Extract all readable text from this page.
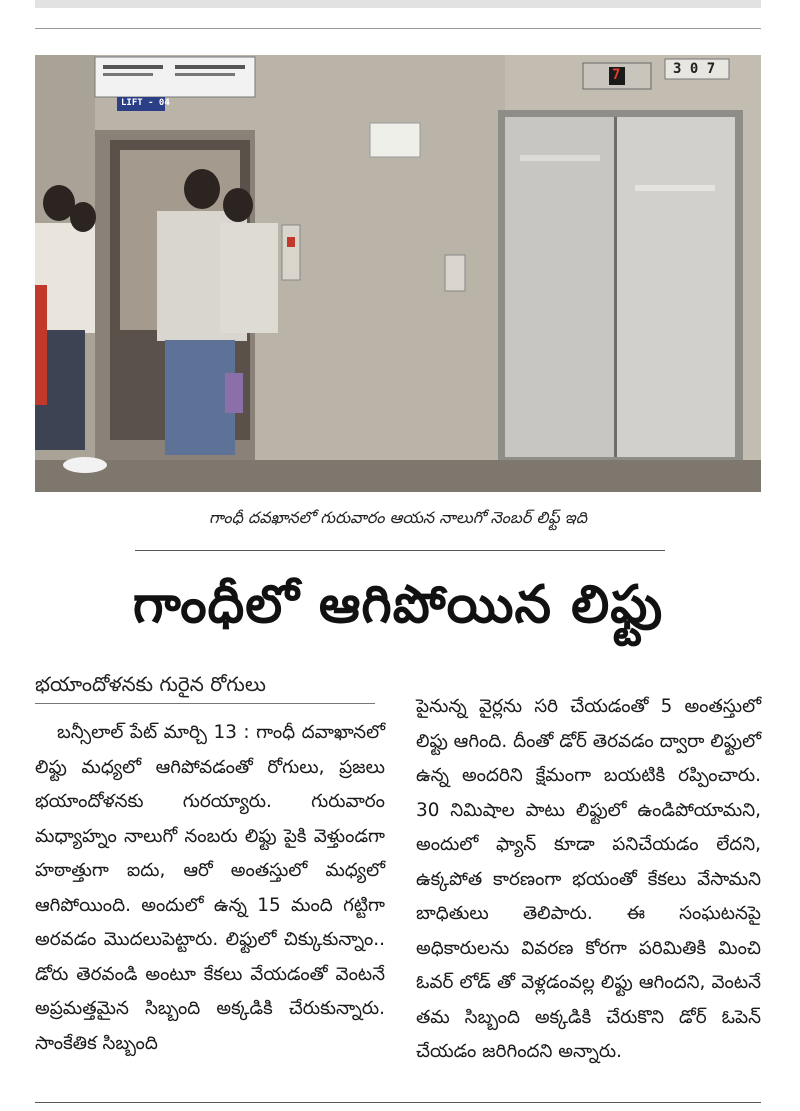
LIFT - 04
7	3 0 7
గాంధీ దవఖానలో గురువారం ఆయన నాలుగో నెంబర్‌ లిఫ్ట్‌ ఇది
గాంధీలో ఆగిపోయిన లిఫ్టు
భయాందోళనకు గురైన రోగులు

బన్సీలాల్‌ పేట్‌ మార్చి 13 : గాంధీ దవాఖానలో లిఫ్టు మధ్యలో ఆగిపోవడంతో రోగులు, ప్రజలు భయాందోళనకు గురయ్యారు. గురువారం మధ్యాహ్నం నాలుగో నంబరు లిఫ్టు పైకి వెళ్తుండగా హఠాత్తుగా ఐదు, ఆరో అంతస్తులో మధ్యలో ఆగిపోయింది. అందులో ఉన్న 15 మంది గట్టిగా అరవడం మొదలుపెట్టారు. లిఫ్టులో చిక్కుకున్నాం.. డోరు తెరవండి అంటూ కేకలు వేయడంతో వెంటనే అప్రమత్తమైన సిబ్బంది అక్కడికి చేరుకున్నారు. సాంకేతిక సిబ్బంది

పైనున్న వైర్లను సరి చేయడంతో 5 అంతస్తులో లిఫ్టు ఆగింది. దీంతో డోర్‌ తెరవడం ద్వారా లిఫ్టులో ఉన్న అందరిని క్షేమంగా బయటికి రప్పించారు. 30 నిమిషాల పాటు లిఫ్టులో ఉండిపోయామని, అందులో ఫ్యాన్‌ కూడా పనిచేయడం లేదని, ఉక్కపోత కారణంగా భయంతో కేకలు వేసామని బాధితులు తెలిపారు. ఈ సంఘటనపై అధికారులను వివరణ కోరగా పరిమితికి మించి ఓవర్‌ లోడ్‌ తో వెళ్లడంవల్ల లిఫ్టు ఆగిందని, వెంటనే తమ సిబ్బంది అక్కడికి చేరుకొని డోర్‌ ఓపెన్‌ చేయడం జరిగిందని అన్నారు.
